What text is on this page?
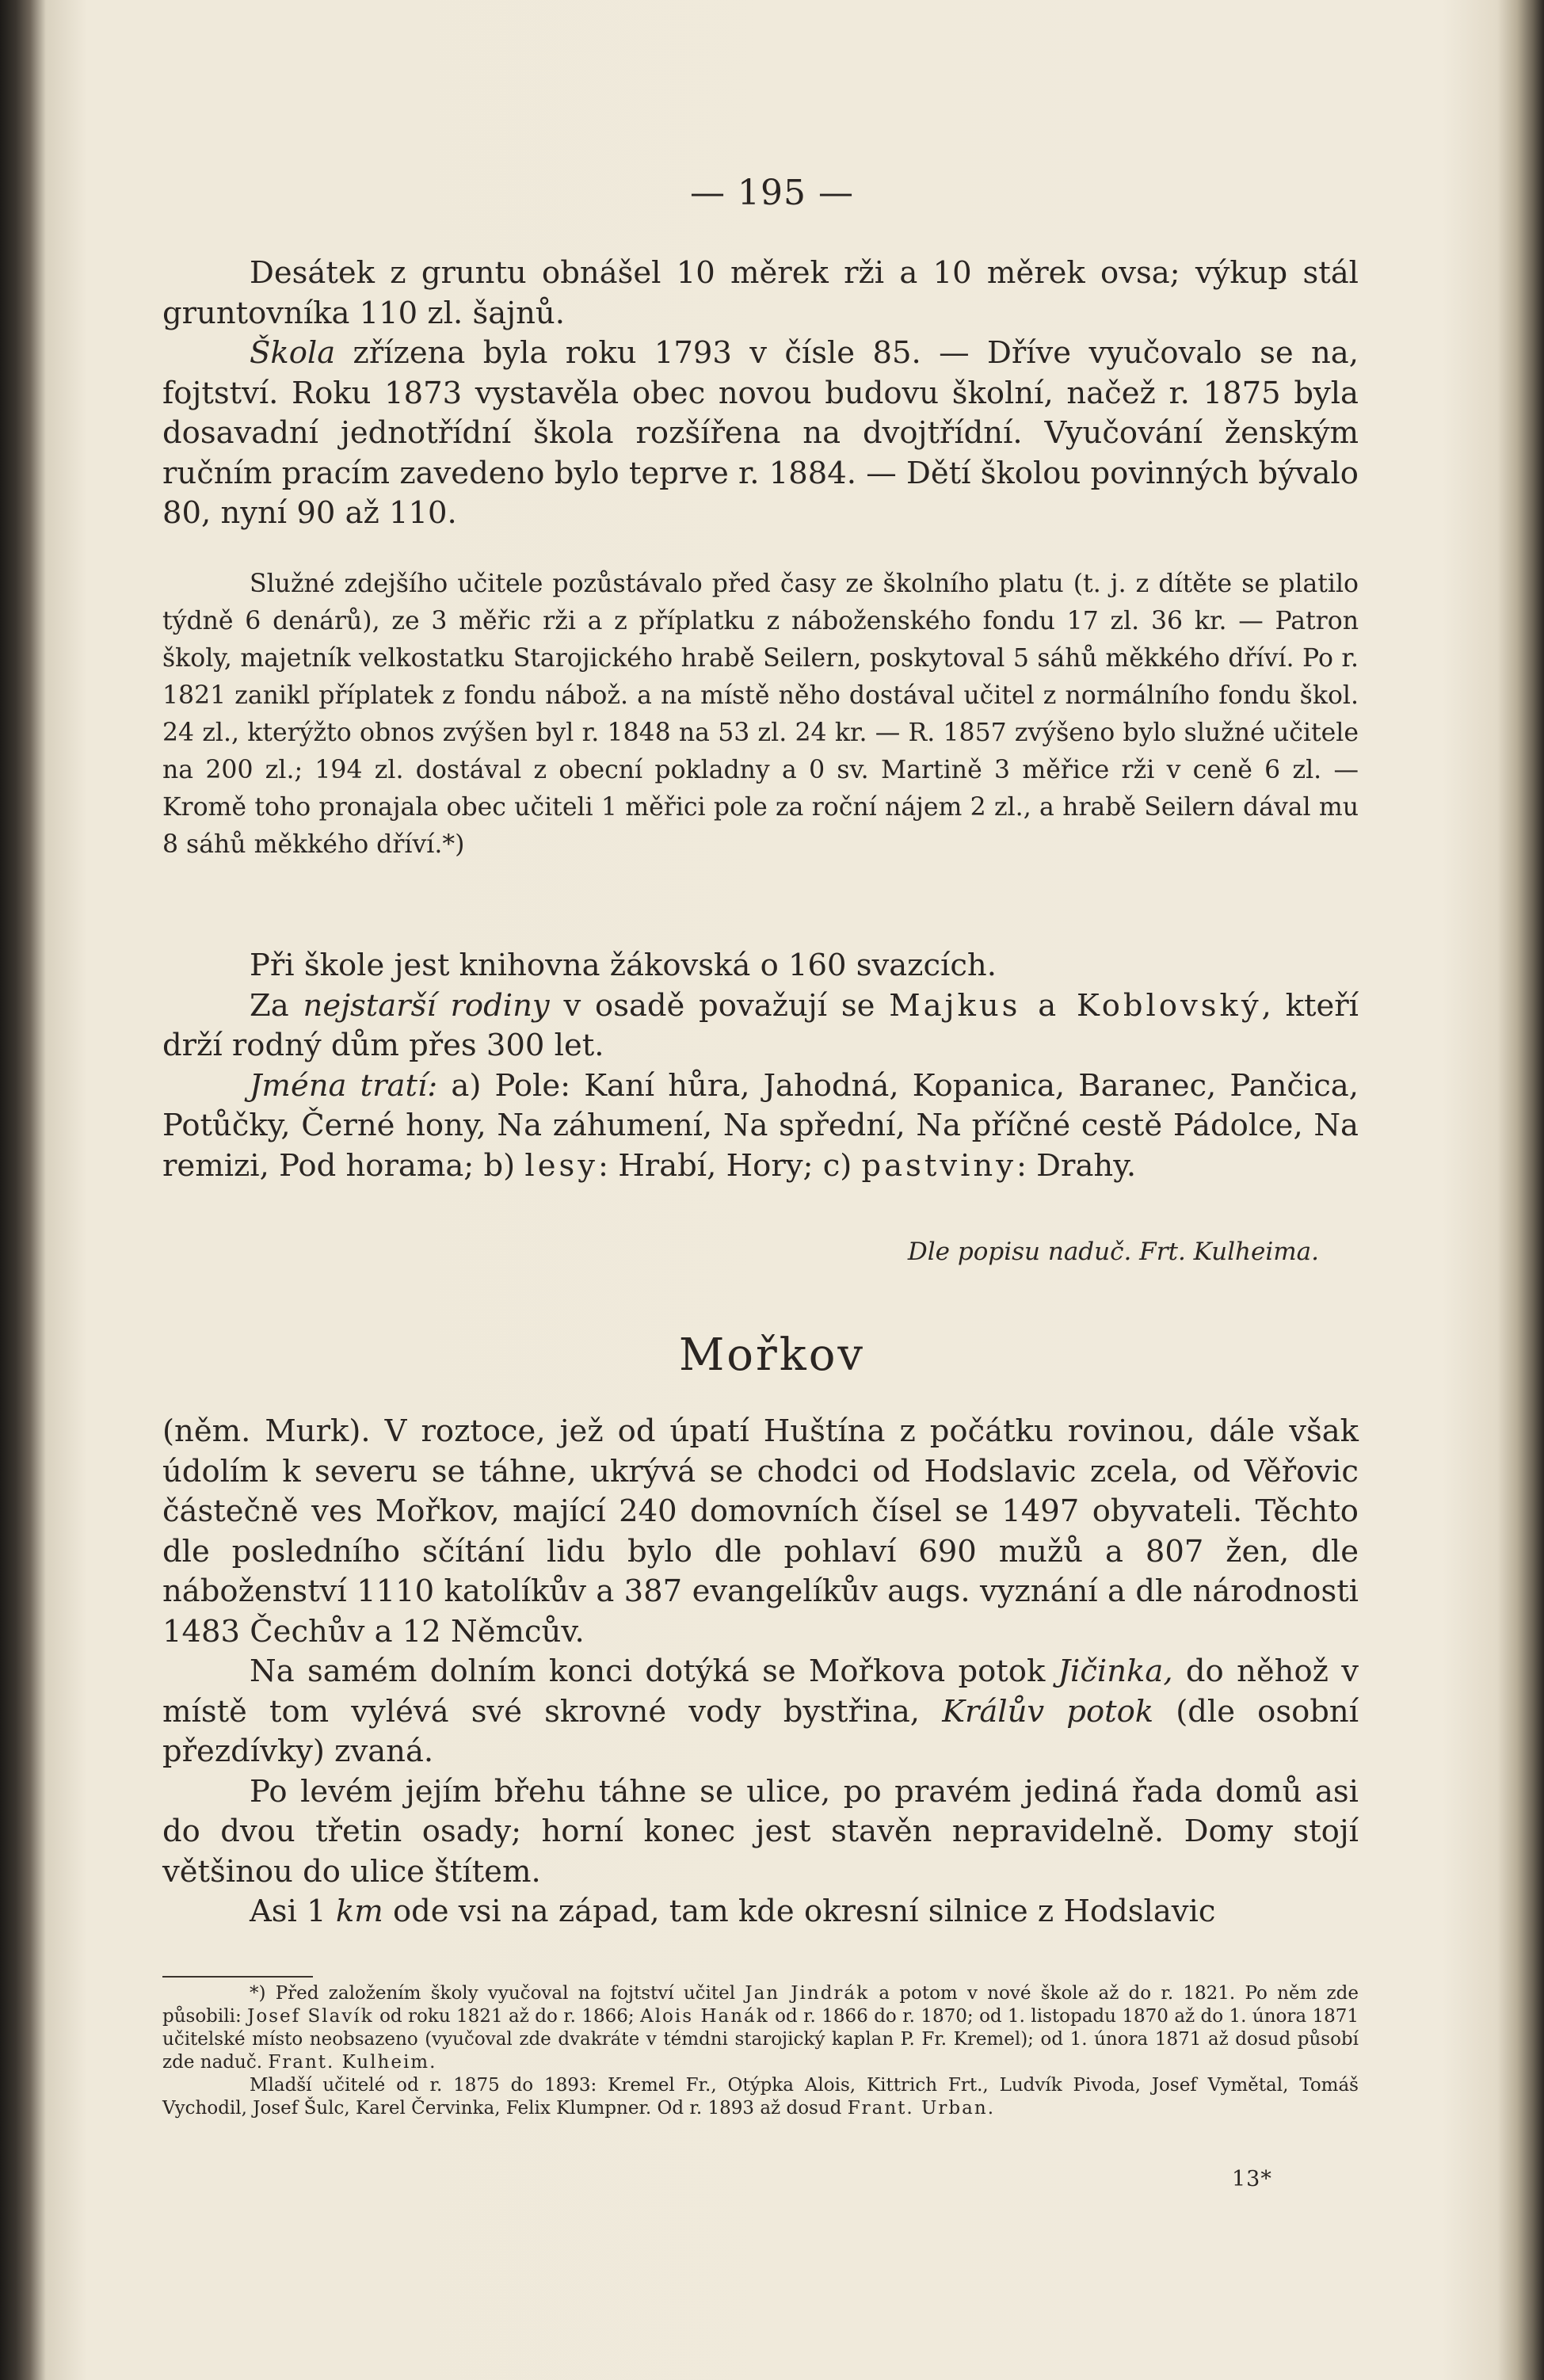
— 195 —

Desátek z gruntu obnášel 10 měrek rži a 10 měrek ovsa; výkup stál gruntovníka 110 zl. šajnů.

Škola zřízena byla roku 1793 v čísle 85. — Dříve vyučovalo se na, fojtství. Roku 1873 vystavěla obec novou budovu školní, načež r. 1875 byla dosavadní jednotřídní škola rozšířena na dvojtřídní. Vyučování ženským ručním pracím zavedeno bylo teprve r. 1884. — Dětí školou povinných bývalo 80, nyní 90 až 110.

Služné zdejšího učitele pozůstávalo před časy ze školního platu (t. j. z dítěte se platilo týdně 6 denárů), ze 3 měřic rži a z příplatku z náboženského fondu 17 zl. 36 kr. — Patron školy, majetník velkostatku Starojického hrabě Seilern, poskytoval 5 sáhů měkkého dříví. Po r. 1821 zanikl příplatek z fondu nábož. a na místě něho dostával učitel z normálního fondu škol. 24 zl., kterýžto obnos zvýšen byl r. 1848 na 53 zl. 24 kr. — R. 1857 zvýšeno bylo služné učitele na 200 zl.; 194 zl. dostával z obecní pokladny a 0 sv. Martině 3 měřice rži v ceně 6 zl. — Kromě toho pronajala obec učiteli 1 měřici pole za roční nájem 2 zl., a hrabě Seilern dával mu 8 sáhů měkkého dříví.*)

Při škole jest knihovna žákovská o 160 svazcích.

Za nejstarší rodiny v osadě považují se Majkus a Koblovský, kteří drží rodný dům přes 300 let.

Jména tratí: a) Pole: Kaní hůra, Jahodná, Kopanica, Baranec, Pančica, Potůčky, Černé hony, Na záhumení, Na spřední, Na příčné cestě Pádolce, Na remizi, Pod horama; b) lesy: Hrabí, Hory; c) pastviny: Drahy.

Dle popisu naduč. Frt. Kulheima.
Mořkov

(něm. Murk). V roztoce, jež od úpatí Huštína z počátku rovinou, dále však údolím k severu se táhne, ukrývá se chodci od Hodslavic zcela, od Věřovic částečně ves Mořkov, mající 240 domovních čísel se 1497 obyvateli. Těchto dle posledního sčítání lidu bylo dle pohlaví 690 mužů a 807 žen, dle náboženství 1110 katolíkův a 387 evangelíkův augs. vyznání a dle národnosti 1483 Čechův a 12 Němcův.

Na samém dolním konci dotýká se Mořkova potok Jičinka, do něhož v místě tom vylévá své skrovné vody bystřina, Králův potok (dle osobní přezdívky) zvaná.

Po levém jejím břehu táhne se ulice, po pravém jediná řada domů asi do dvou třetin osady; horní konec jest stavěn nepravidelně. Domy stojí většinou do ulice štítem.

Asi 1 km ode vsi na západ, tam kde okresní silnice z Hodslavic

*) Před založením školy vyučoval na fojtství učitel Jan Jindrák a potom v nové škole až do r. 1821. Po něm zde působili: Josef Slavík od roku 1821 až do r. 1866; Alois Hanák od r. 1866 do r. 1870; od 1. listopadu 1870 až do 1. února 1871 učitelské místo neobsazeno (vyučoval zde dvakráte v témdni starojický kaplan P. Fr. Kremel); od 1. února 1871 až dosud působí zde naduč. Frant. Kulheim.

Mladší učitelé od r. 1875 do 1893: Kremel Fr., Otýpka Alois, Kittrich Frt., Ludvík Pivoda, Josef Vymětal, Tomáš Vychodil, Josef Šulc, Karel Červinka, Felix Klumpner. Od r. 1893 až dosud Frant. Urban.

13*
